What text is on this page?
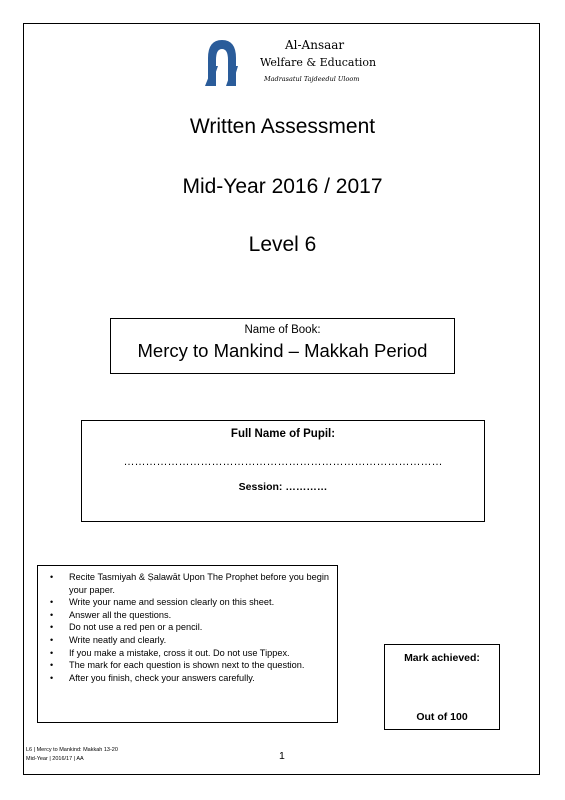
Al-Ansaar
Welfare & Education
Madrasatul Tajdeedul Uloom
Written Assessment
Mid-Year 2016 / 2017
Level 6
Name of Book:
Mercy to Mankind – Makkah Period
Full Name of Pupil:
……………………………………………………………………………
Session: …………
• Recite Tasmiyah & Ṣalawāt Upon The Prophet before you begin your paper.
• Write your name and session clearly on this sheet.
• Answer all the questions.
• Do not use a red pen or a pencil.
• Write neatly and clearly.
• If you make a mistake, cross it out. Do not use Tippex.
• The mark for each question is shown next to the question.
• After you finish, check your answers carefully.
Mark achieved:
Out of 100
L6 | Mercy to Mankind: Makkah 13-20
Mid-Year | 2016/17 | AA	1
